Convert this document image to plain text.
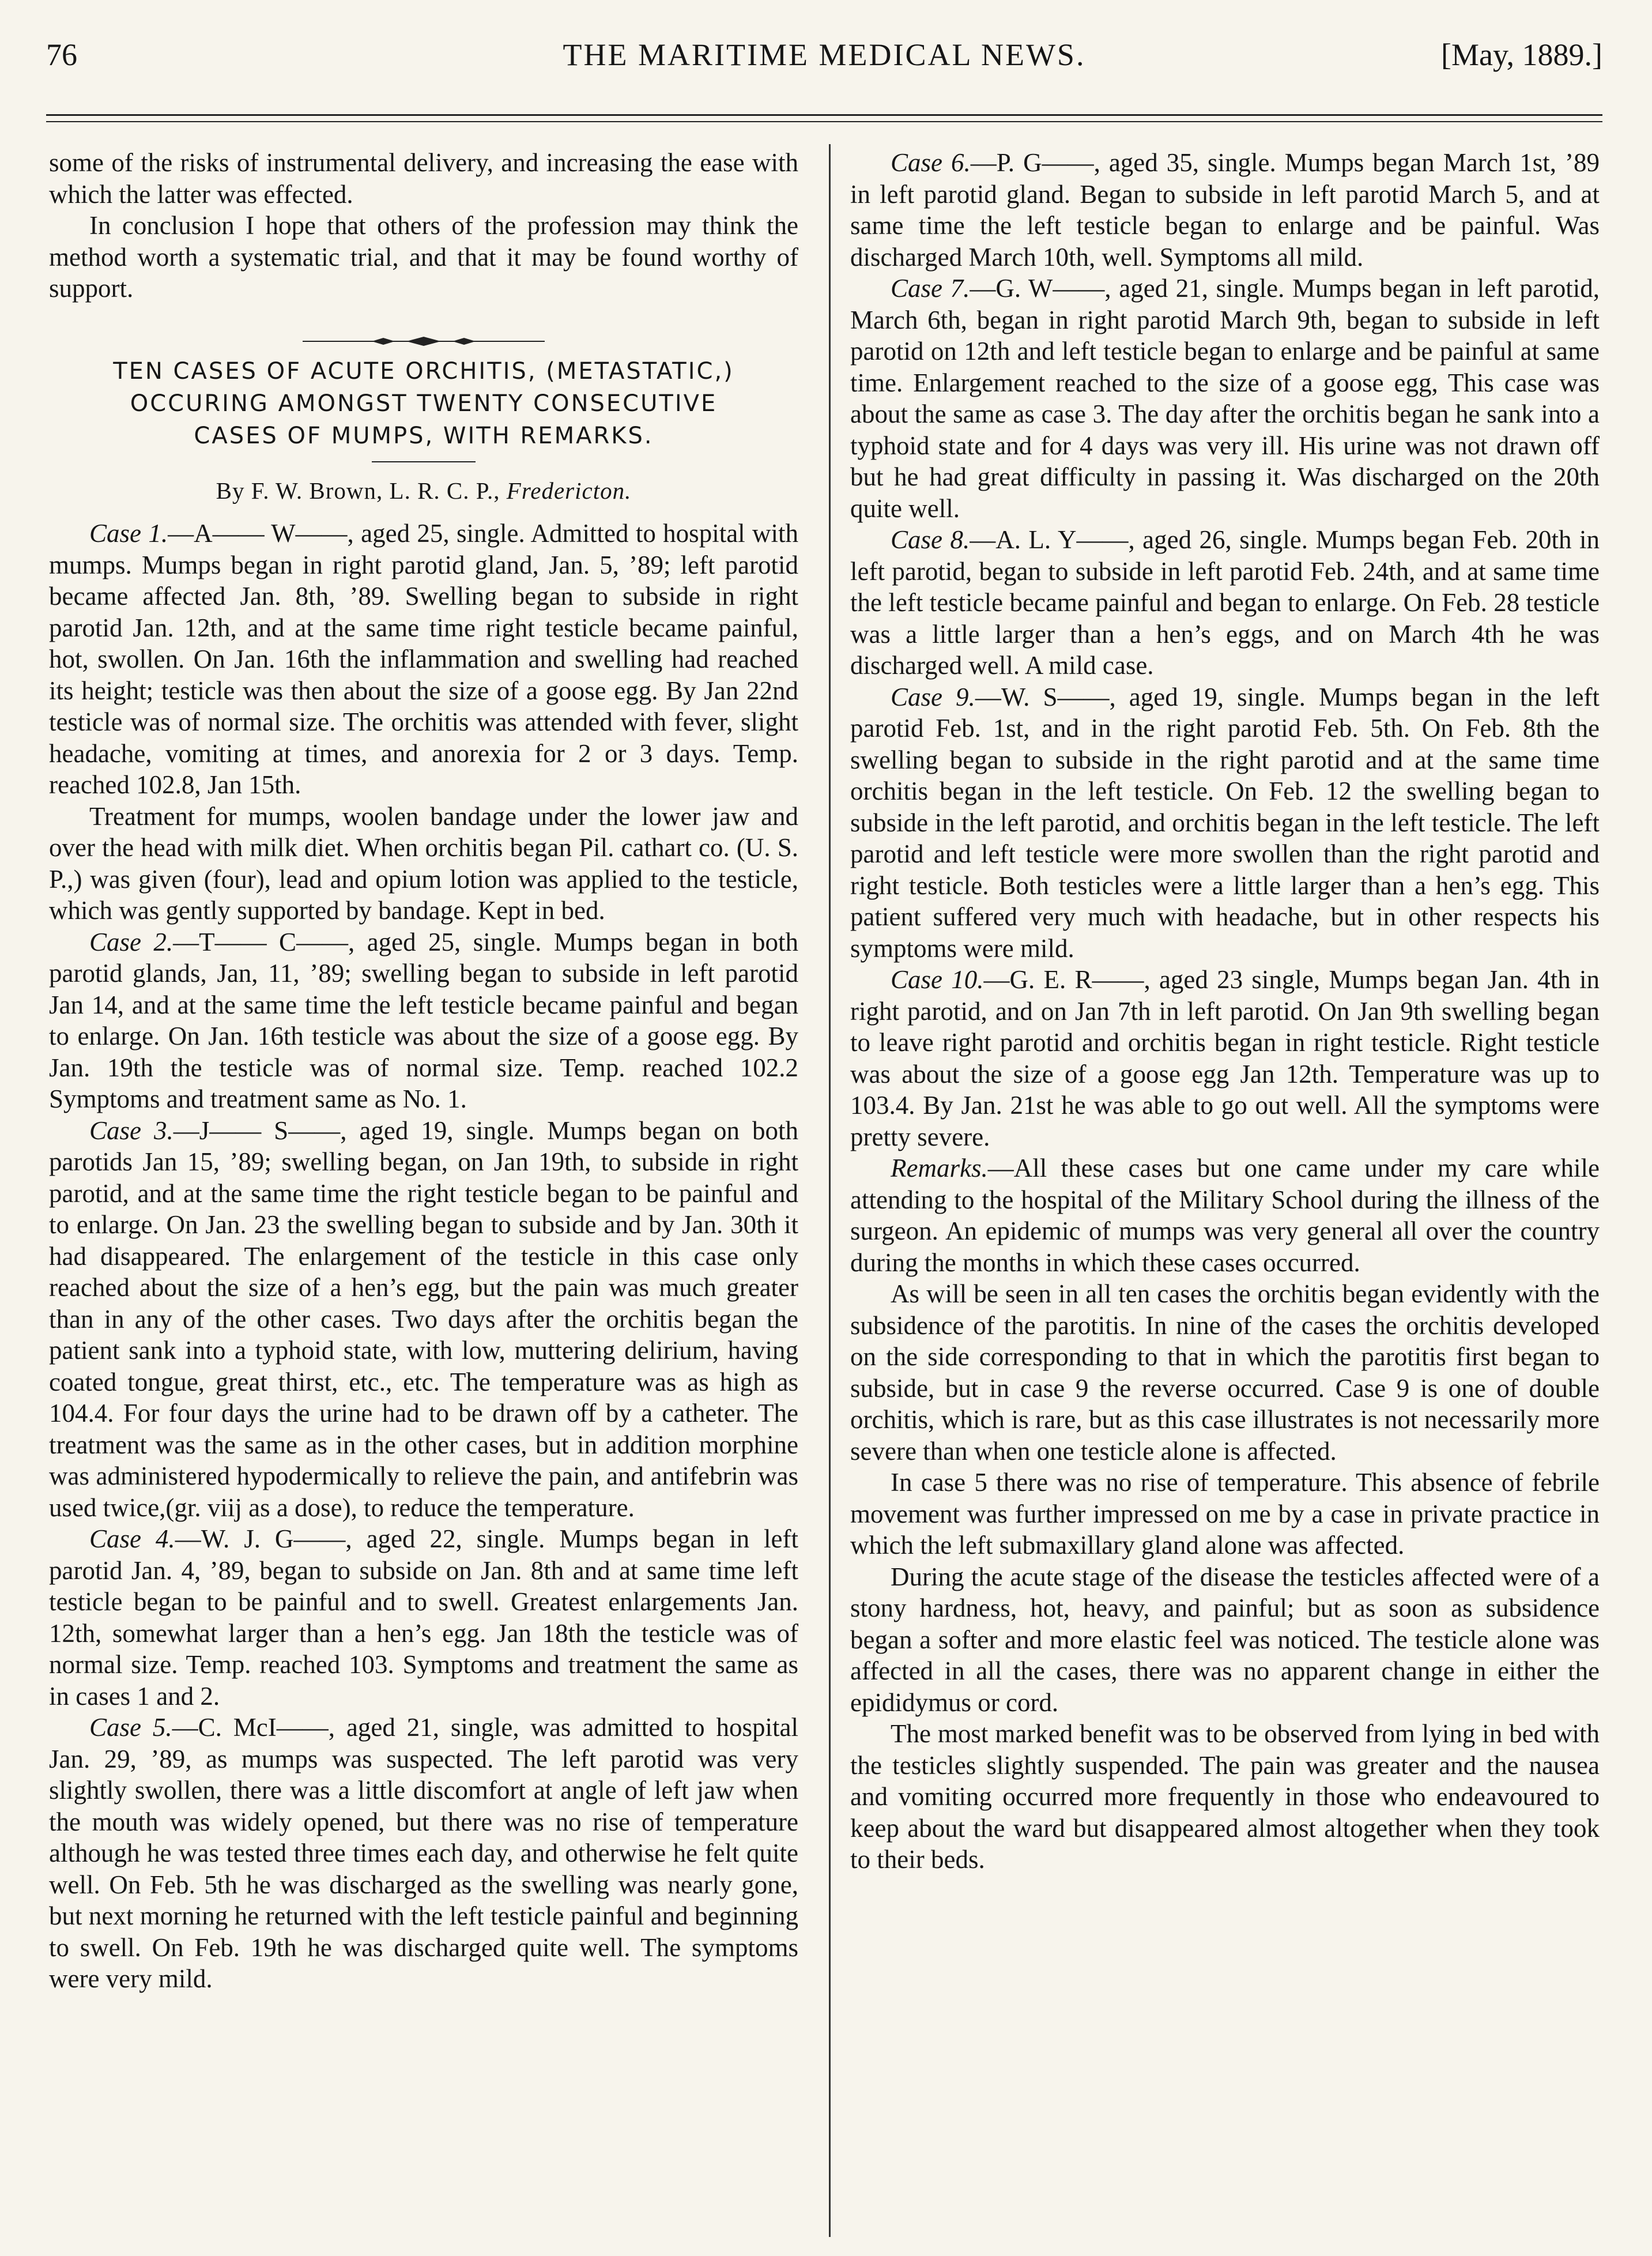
76	THE MARITIME MEDICAL NEWS.	[May, 1889.]

some of the risks of instrumental delivery, and increasing the ease with which the latter was effected.

In conclusion I hope that others of the profession may think the method worth a systematic trial, and that it may be found worthy of support.

TEN CASES OF ACUTE ORCHITIS, (METASTATIC,)
OCCURING AMONGST TWENTY CONSECUTIVE
CASES OF MUMPS, WITH REMARKS.
By F. W. Brown, L. R. C. P., Fredericton.

Case 1.—A—— W——, aged 25, single. Admitted to hospital with mumps. Mumps began in right parotid gland, Jan. 5, ’89; left parotid became affected Jan. 8th, ’89. Swelling began to subside in right parotid Jan. 12th, and at the same time right testicle became painful, hot, swollen. On Jan. 16th the inflammation and swelling had reached its height; testicle was then about the size of a goose egg. By Jan 22nd testicle was of normal size. The orchitis was attended with fever, slight headache, vomiting at times, and anorexia for 2 or 3 days. Temp. reached 102.8, Jan 15th.

Treatment for mumps, woolen bandage under the lower jaw and over the head with milk diet. When orchitis began Pil. cathart co. (U. S. P.,) was given (four), lead and opium lotion was applied to the testicle, which was gently supported by bandage. Kept in bed.

Case 2.—T—— C——, aged 25, single. Mumps began in both parotid glands, Jan, 11, ’89; swelling began to subside in left parotid Jan 14, and at the same time the left testicle became painful and began to enlarge. On Jan. 16th testicle was about the size of a goose egg. By Jan. 19th the testicle was of normal size. Temp. reached 102.2 Symptoms and treatment same as No. 1.

Case 3.—J—— S——, aged 19, single. Mumps began on both parotids Jan 15, ’89; swelling began, on Jan 19th, to subside in right parotid, and at the same time the right testicle began to be painful and to enlarge. On Jan. 23 the swelling began to subside and by Jan. 30th it had disappeared. The enlargement of the testicle in this case only reached about the size of a hen’s egg, but the pain was much greater than in any of the other cases. Two days after the orchitis began the patient sank into a typhoid state, with low, muttering delirium, having coated tongue, great thirst, etc., etc. The temperature was as high as 104.4. For four days the urine had to be drawn off by a catheter. The treatment was the same as in the other cases, but in addition morphine was administered hypodermically to relieve the pain, and antifebrin was used twice,(gr. viij as a dose), to reduce the temperature.

Case 4.—W. J. G——, aged 22, single. Mumps began in left parotid Jan. 4, ’89, began to subside on Jan. 8th and at same time left testicle began to be painful and to swell. Greatest enlargements Jan. 12th, somewhat larger than a hen’s egg. Jan 18th the testicle was of normal size. Temp. reached 103. Symptoms and treatment the same as in cases 1 and 2.

Case 5.—C. McI——, aged 21, single, was admitted to hospital Jan. 29, ’89, as mumps was suspected. The left parotid was very slightly swollen, there was a little discomfort at angle of left jaw when the mouth was widely opened, but there was no rise of temperature although he was tested three times each day, and otherwise he felt quite well. On Feb. 5th he was discharged as the swelling was nearly gone, but next morning he returned with the left testicle painful and beginning to swell. On Feb. 19th he was discharged quite well. The symptoms were very mild.

Case 6.—P. G——, aged 35, single. Mumps began March 1st, ’89 in left parotid gland. Began to subside in left parotid March 5, and at same time the left testicle began to enlarge and be painful. Was discharged March 10th, well. Symptoms all mild.

Case 7.—G. W——, aged 21, single. Mumps began in left parotid, March 6th, began in right parotid March 9th, began to subside in left parotid on 12th and left testicle began to enlarge and be painful at same time. Enlargement reached to the size of a goose egg, This case was about the same as case 3. The day after the orchitis began he sank into a typhoid state and for 4 days was very ill. His urine was not drawn off but he had great difficulty in passing it. Was discharged on the 20th quite well.

Case 8.—A. L. Y——, aged 26, single. Mumps began Feb. 20th in left parotid, began to subside in left parotid Feb. 24th, and at same time the left testicle became painful and began to enlarge. On Feb. 28 testicle was a little larger than a hen’s eggs, and on March 4th he was discharged well. A mild case.

Case 9.—W. S——, aged 19, single. Mumps began in the left parotid Feb. 1st, and in the right parotid Feb. 5th. On Feb. 8th the swelling began to subside in the right parotid and at the same time orchitis began in the left testicle. On Feb. 12 the swelling began to subside in the left parotid, and orchitis began in the left testicle. The left parotid and left testicle were more swollen than the right parotid and right testicle. Both testicles were a little larger than a hen’s egg. This patient suffered very much with headache, but in other respects his symptoms were mild.

Case 10.—G. E. R——, aged 23 single, Mumps began Jan. 4th in right parotid, and on Jan 7th in left parotid. On Jan 9th swelling began to leave right parotid and orchitis began in right testicle. Right testicle was about the size of a goose egg Jan 12th. Temperature was up to 103.4. By Jan. 21st he was able to go out well. All the symptoms were pretty severe.

Remarks.—All these cases but one came under my care while attending to the hospital of the Military School during the illness of the surgeon. An epidemic of mumps was very general all over the country during the months in which these cases occurred.

As will be seen in all ten cases the orchitis began evidently with the subsidence of the parotitis. In nine of the cases the orchitis developed on the side corresponding to that in which the parotitis first began to subside, but in case 9 the reverse occurred. Case 9 is one of double orchitis, which is rare, but as this case illustrates is not necessarily more severe than when one testicle alone is affected.

In case 5 there was no rise of temperature. This absence of febrile movement was further impressed on me by a case in private practice in which the left submaxillary gland alone was affected.

During the acute stage of the disease the testicles affected were of a stony hardness, hot, heavy, and painful; but as soon as subsidence began a softer and more elastic feel was noticed. The testicle alone was affected in all the cases, there was no apparent change in either the epididymus or cord.

The most marked benefit was to be observed from lying in bed with the testicles slightly suspended. The pain was greater and the nausea and vomiting occurred more frequently in those who endeavoured to keep about the ward but disappeared almost altogether when they took to their beds.
